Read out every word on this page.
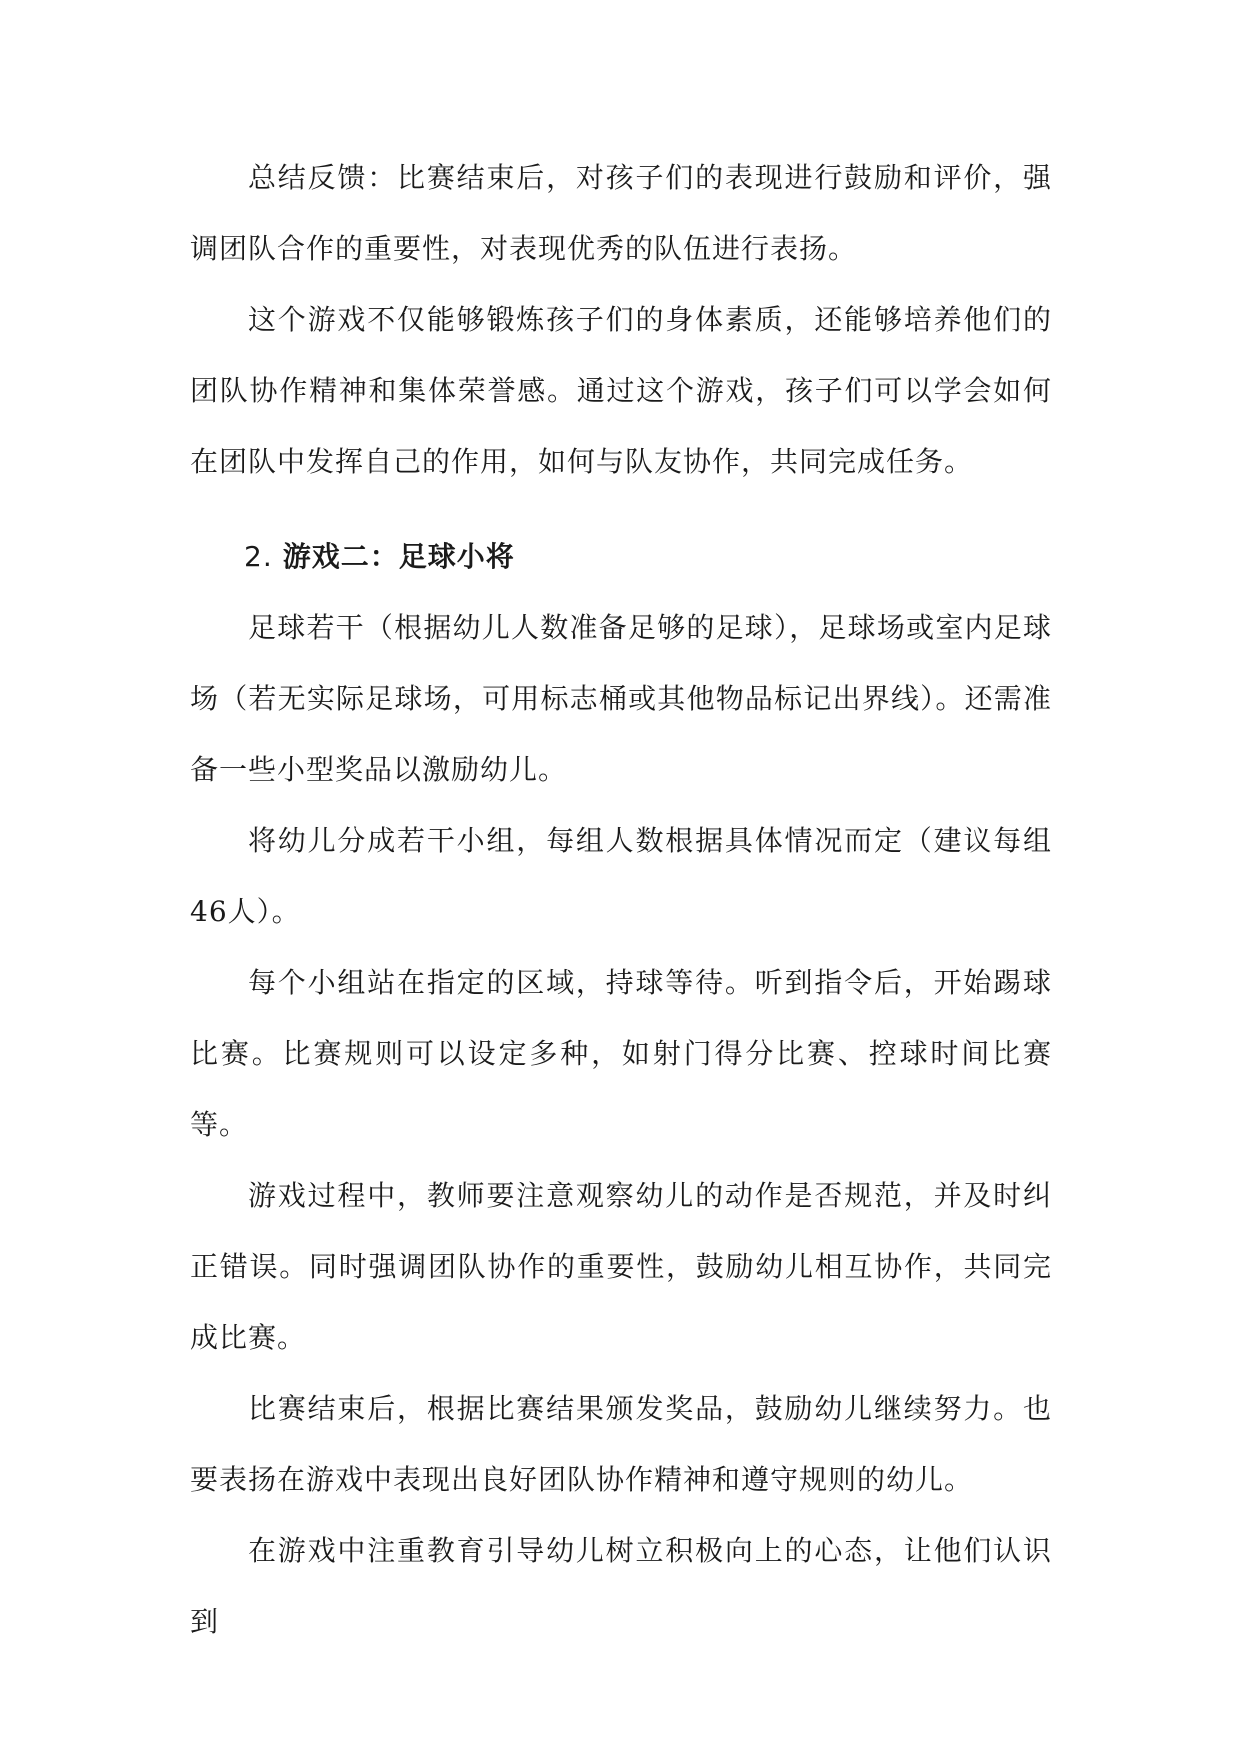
总结反馈：比赛结束后，对孩子们的表现进行鼓励和评价，强调团队合作的重要性，对表现优秀的队伍进行表扬。

这个游戏不仅能够锻炼孩子们的身体素质，还能够培养他们的团队协作精神和集体荣誉感。通过这个游戏，孩子们可以学会如何在团队中发挥自己的作用，如何与队友协作，共同完成任务。

2. 游戏二：足球小将

足球若干（根据幼儿人数准备足够的足球），足球场或室内足球场（若无实际足球场，可用标志桶或其他物品标记出界线）。还需准备一些小型奖品以激励幼儿。

将幼儿分成若干小组，每组人数根据具体情况而定（建议每组 46人）。

每个小组站在指定的区域，持球等待。听到指令后，开始踢球比赛。比赛规则可以设定多种，如射门得分比赛、控球时间比赛等。

游戏过程中，教师要注意观察幼儿的动作是否规范，并及时纠正错误。同时强调团队协作的重要性，鼓励幼儿相互协作，共同完成比赛。

比赛结束后，根据比赛结果颁发奖品，鼓励幼儿继续努力。也要表扬在游戏中表现出良好团队协作精神和遵守规则的幼儿。

在游戏中注重教育引导幼儿树立积极向上的心态，让他们认识到
